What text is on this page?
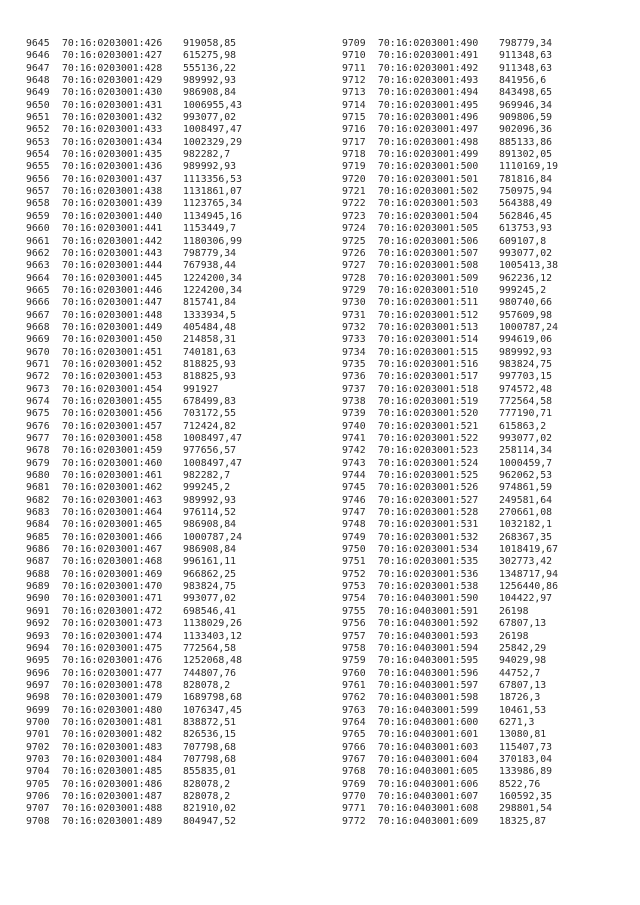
9645	70:16:0203001:426	919058,85
9646	70:16:0203001:427	615275,98
9647	70:16:0203001:428	555136,22
9648	70:16:0203001:429	989992,93
9649	70:16:0203001:430	986908,84
9650	70:16:0203001:431	1006955,43
9651	70:16:0203001:432	993077,02
9652	70:16:0203001:433	1008497,47
9653	70:16:0203001:434	1002329,29
9654	70:16:0203001:435	982282,7
9655	70:16:0203001:436	989992,93
9656	70:16:0203001:437	1113356,53
9657	70:16:0203001:438	1131861,07
9658	70:16:0203001:439	1123765,34
9659	70:16:0203001:440	1134945,16
9660	70:16:0203001:441	1153449,7
9661	70:16:0203001:442	1180306,99
9662	70:16:0203001:443	798779,34
9663	70:16:0203001:444	767938,44
9664	70:16:0203001:445	1224200,34
9665	70:16:0203001:446	1224200,34
9666	70:16:0203001:447	815741,84
9667	70:16:0203001:448	1333934,5
9668	70:16:0203001:449	405484,48
9669	70:16:0203001:450	214858,31
9670	70:16:0203001:451	740181,63
9671	70:16:0203001:452	818825,93
9672	70:16:0203001:453	818825,93
9673	70:16:0203001:454	991927
9674	70:16:0203001:455	678499,83
9675	70:16:0203001:456	703172,55
9676	70:16:0203001:457	712424,82
9677	70:16:0203001:458	1008497,47
9678	70:16:0203001:459	977656,57
9679	70:16:0203001:460	1008497,47
9680	70:16:0203001:461	982282,7
9681	70:16:0203001:462	999245,2
9682	70:16:0203001:463	989992,93
9683	70:16:0203001:464	976114,52
9684	70:16:0203001:465	986908,84
9685	70:16:0203001:466	1000787,24
9686	70:16:0203001:467	986908,84
9687	70:16:0203001:468	996161,11
9688	70:16:0203001:469	966862,25
9689	70:16:0203001:470	983824,75
9690	70:16:0203001:471	993077,02
9691	70:16:0203001:472	698546,41
9692	70:16:0203001:473	1138029,26
9693	70:16:0203001:474	1133403,12
9694	70:16:0203001:475	772564,58
9695	70:16:0203001:476	1252068,48
9696	70:16:0203001:477	744807,76
9697	70:16:0203001:478	828078,2
9698	70:16:0203001:479	1689798,68
9699	70:16:0203001:480	1076347,45
9700	70:16:0203001:481	838872,51
9701	70:16:0203001:482	826536,15
9702	70:16:0203001:483	707798,68
9703	70:16:0203001:484	707798,68
9704	70:16:0203001:485	855835,01
9705	70:16:0203001:486	828078,2
9706	70:16:0203001:487	828078,2
9707	70:16:0203001:488	821910,02
9708	70:16:0203001:489	804947,52
9709	70:16:0203001:490	798779,34
9710	70:16:0203001:491	911348,63
9711	70:16:0203001:492	911348,63
9712	70:16:0203001:493	841956,6
9713	70:16:0203001:494	843498,65
9714	70:16:0203001:495	969946,34
9715	70:16:0203001:496	909806,59
9716	70:16:0203001:497	902096,36
9717	70:16:0203001:498	885133,86
9718	70:16:0203001:499	891302,05
9719	70:16:0203001:500	1110169,19
9720	70:16:0203001:501	781816,84
9721	70:16:0203001:502	750975,94
9722	70:16:0203001:503	564388,49
9723	70:16:0203001:504	562846,45
9724	70:16:0203001:505	613753,93
9725	70:16:0203001:506	609107,8
9726	70:16:0203001:507	993077,02
9727	70:16:0203001:508	1005413,38
9728	70:16:0203001:509	962236,12
9729	70:16:0203001:510	999245,2
9730	70:16:0203001:511	980740,66
9731	70:16:0203001:512	957609,98
9732	70:16:0203001:513	1000787,24
9733	70:16:0203001:514	994619,06
9734	70:16:0203001:515	989992,93
9735	70:16:0203001:516	983824,75
9736	70:16:0203001:517	997703,15
9737	70:16:0203001:518	974572,48
9738	70:16:0203001:519	772564,58
9739	70:16:0203001:520	777190,71
9740	70:16:0203001:521	615863,2
9741	70:16:0203001:522	993077,02
9742	70:16:0203001:523	258114,34
9743	70:16:0203001:524	1000459,7
9744	70:16:0203001:525	962062,53
9745	70:16:0203001:526	974861,59
9746	70:16:0203001:527	249581,64
9747	70:16:0203001:528	270661,08
9748	70:16:0203001:531	1032182,1
9749	70:16:0203001:532	268367,35
9750	70:16:0203001:534	1018419,67
9751	70:16:0203001:535	302773,42
9752	70:16:0203001:536	1348717,94
9753	70:16:0203001:538	1256440,86
9754	70:16:0403001:590	104422,97
9755	70:16:0403001:591	26198
9756	70:16:0403001:592	67807,13
9757	70:16:0403001:593	26198
9758	70:16:0403001:594	25842,29
9759	70:16:0403001:595	94029,98
9760	70:16:0403001:596	44752,7
9761	70:16:0403001:597	67807,13
9762	70:16:0403001:598	18726,3
9763	70:16:0403001:599	10461,53
9764	70:16:0403001:600	6271,3
9765	70:16:0403001:601	13080,81
9766	70:16:0403001:603	115407,73
9767	70:16:0403001:604	370183,04
9768	70:16:0403001:605	133986,89
9769	70:16:0403001:606	8522,76
9770	70:16:0403001:607	160592,35
9771	70:16:0403001:608	298801,54
9772	70:16:0403001:609	18325,87
